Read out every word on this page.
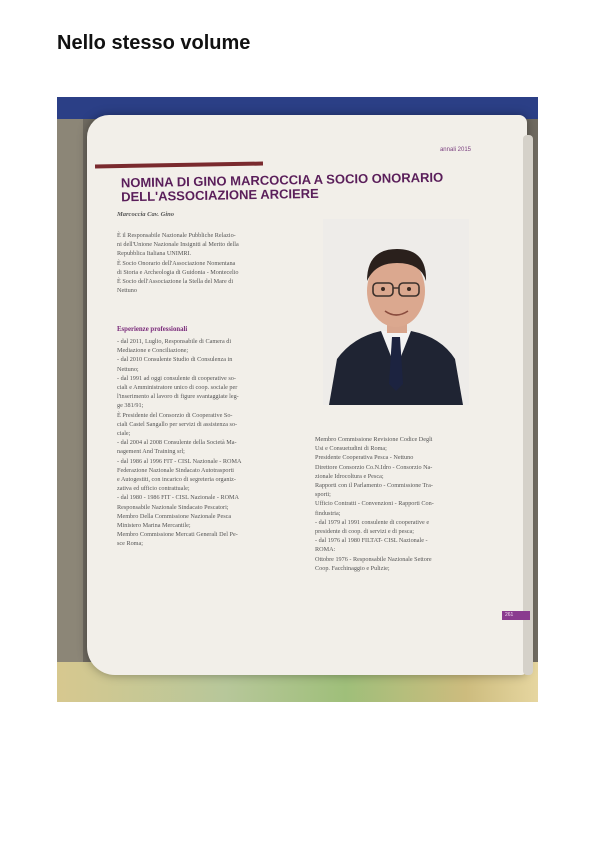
Nello stesso volume
annali 2015
NOMINA DI GINO MARCOCCIA A SOCIO ONORARIO
DELL'ASSOCIAZIONE ARCIERE
Marcoccia Cav. Gino
È il Responsabile Nazionale Pubbliche Relazio-
ni dell'Unione Nazionale Insigniti al Merito della
Repubblica Italiana UNIMRI.
È Socio Onorario dell'Associazione Nomentana
di Storia e Archeologia di Guidonia - Montecelio
È Socio dell'Associazione la Stella del Mare di
Nettuno
Esperienze professionali
- dal 2011, Luglio, Responsabile di Camera di
Mediazione e Conciliazione;
- dal 2010 Consulente Studio di Consulenza in
Nettuno;
- dal 1991 ad oggi consulente di cooperative so-
ciali e Amministratore unico di coop. sociale per
l'inserimento al lavoro di figure svantaggiate leg-
ge 381/91;
È Presidente del Consorzio di Cooperative So-
ciali Castel Sangallo per servizi di assistenza so-
ciale;
- dal 2004 al 2008 Consulente della Società Ma-
nagement And Training srl;
- dal 1986 al 1996 FIT - CISL Nazionale - ROMA
Federazione Nazionale Sindacato Autotrasporti
e Autogestiti, con incarico di segreteria organiz-
zativa ed ufficio contrattuale;
- dal 1980 - 1986 FIT - CISL Nazionale - ROMA
Responsabile Nazionale Sindacato Pescatori;
Membro Della Commissione Nazionale Pesca
Ministero Marina Mercantile;
Membro Commissione Mercati Generali Del Pe-
sce Roma;
Membro Commissione Revisione Codice Degli
Usi e Consuetudini di Roma;
Presidente Cooperativa Pesca - Nettuno
Direttore Consorzio Co.N.Idro - Consorzio Na-
zionale Idrocoltura e Pesca;
Rapporti con il Parlamento - Commissione Tra-
sporti;
Ufficio Contratti - Convenzioni - Rapporti Con-
findustria;
- dal 1979 al 1991 consulente di cooperative e
presidente di coop. di servizi e di pesca;
- dal 1976 al 1980 FILTAT- CISL Nazionale -
ROMA:
Ottobre 1976 - Responsabile Nazionale Settore
Coop. Facchinaggio e Pulizie;
261
